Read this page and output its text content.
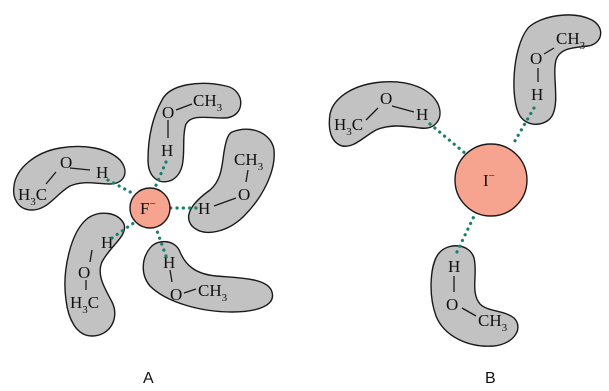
O
$CH_3$
H	$CH_3$
O
H
H
O $CH_3$
H
O
$H_3C$
O
H
$H_3C$
F−
A
O
$CH_3$
H
O
H
$H_3C$
H
O
$CH_3$
I−
B
